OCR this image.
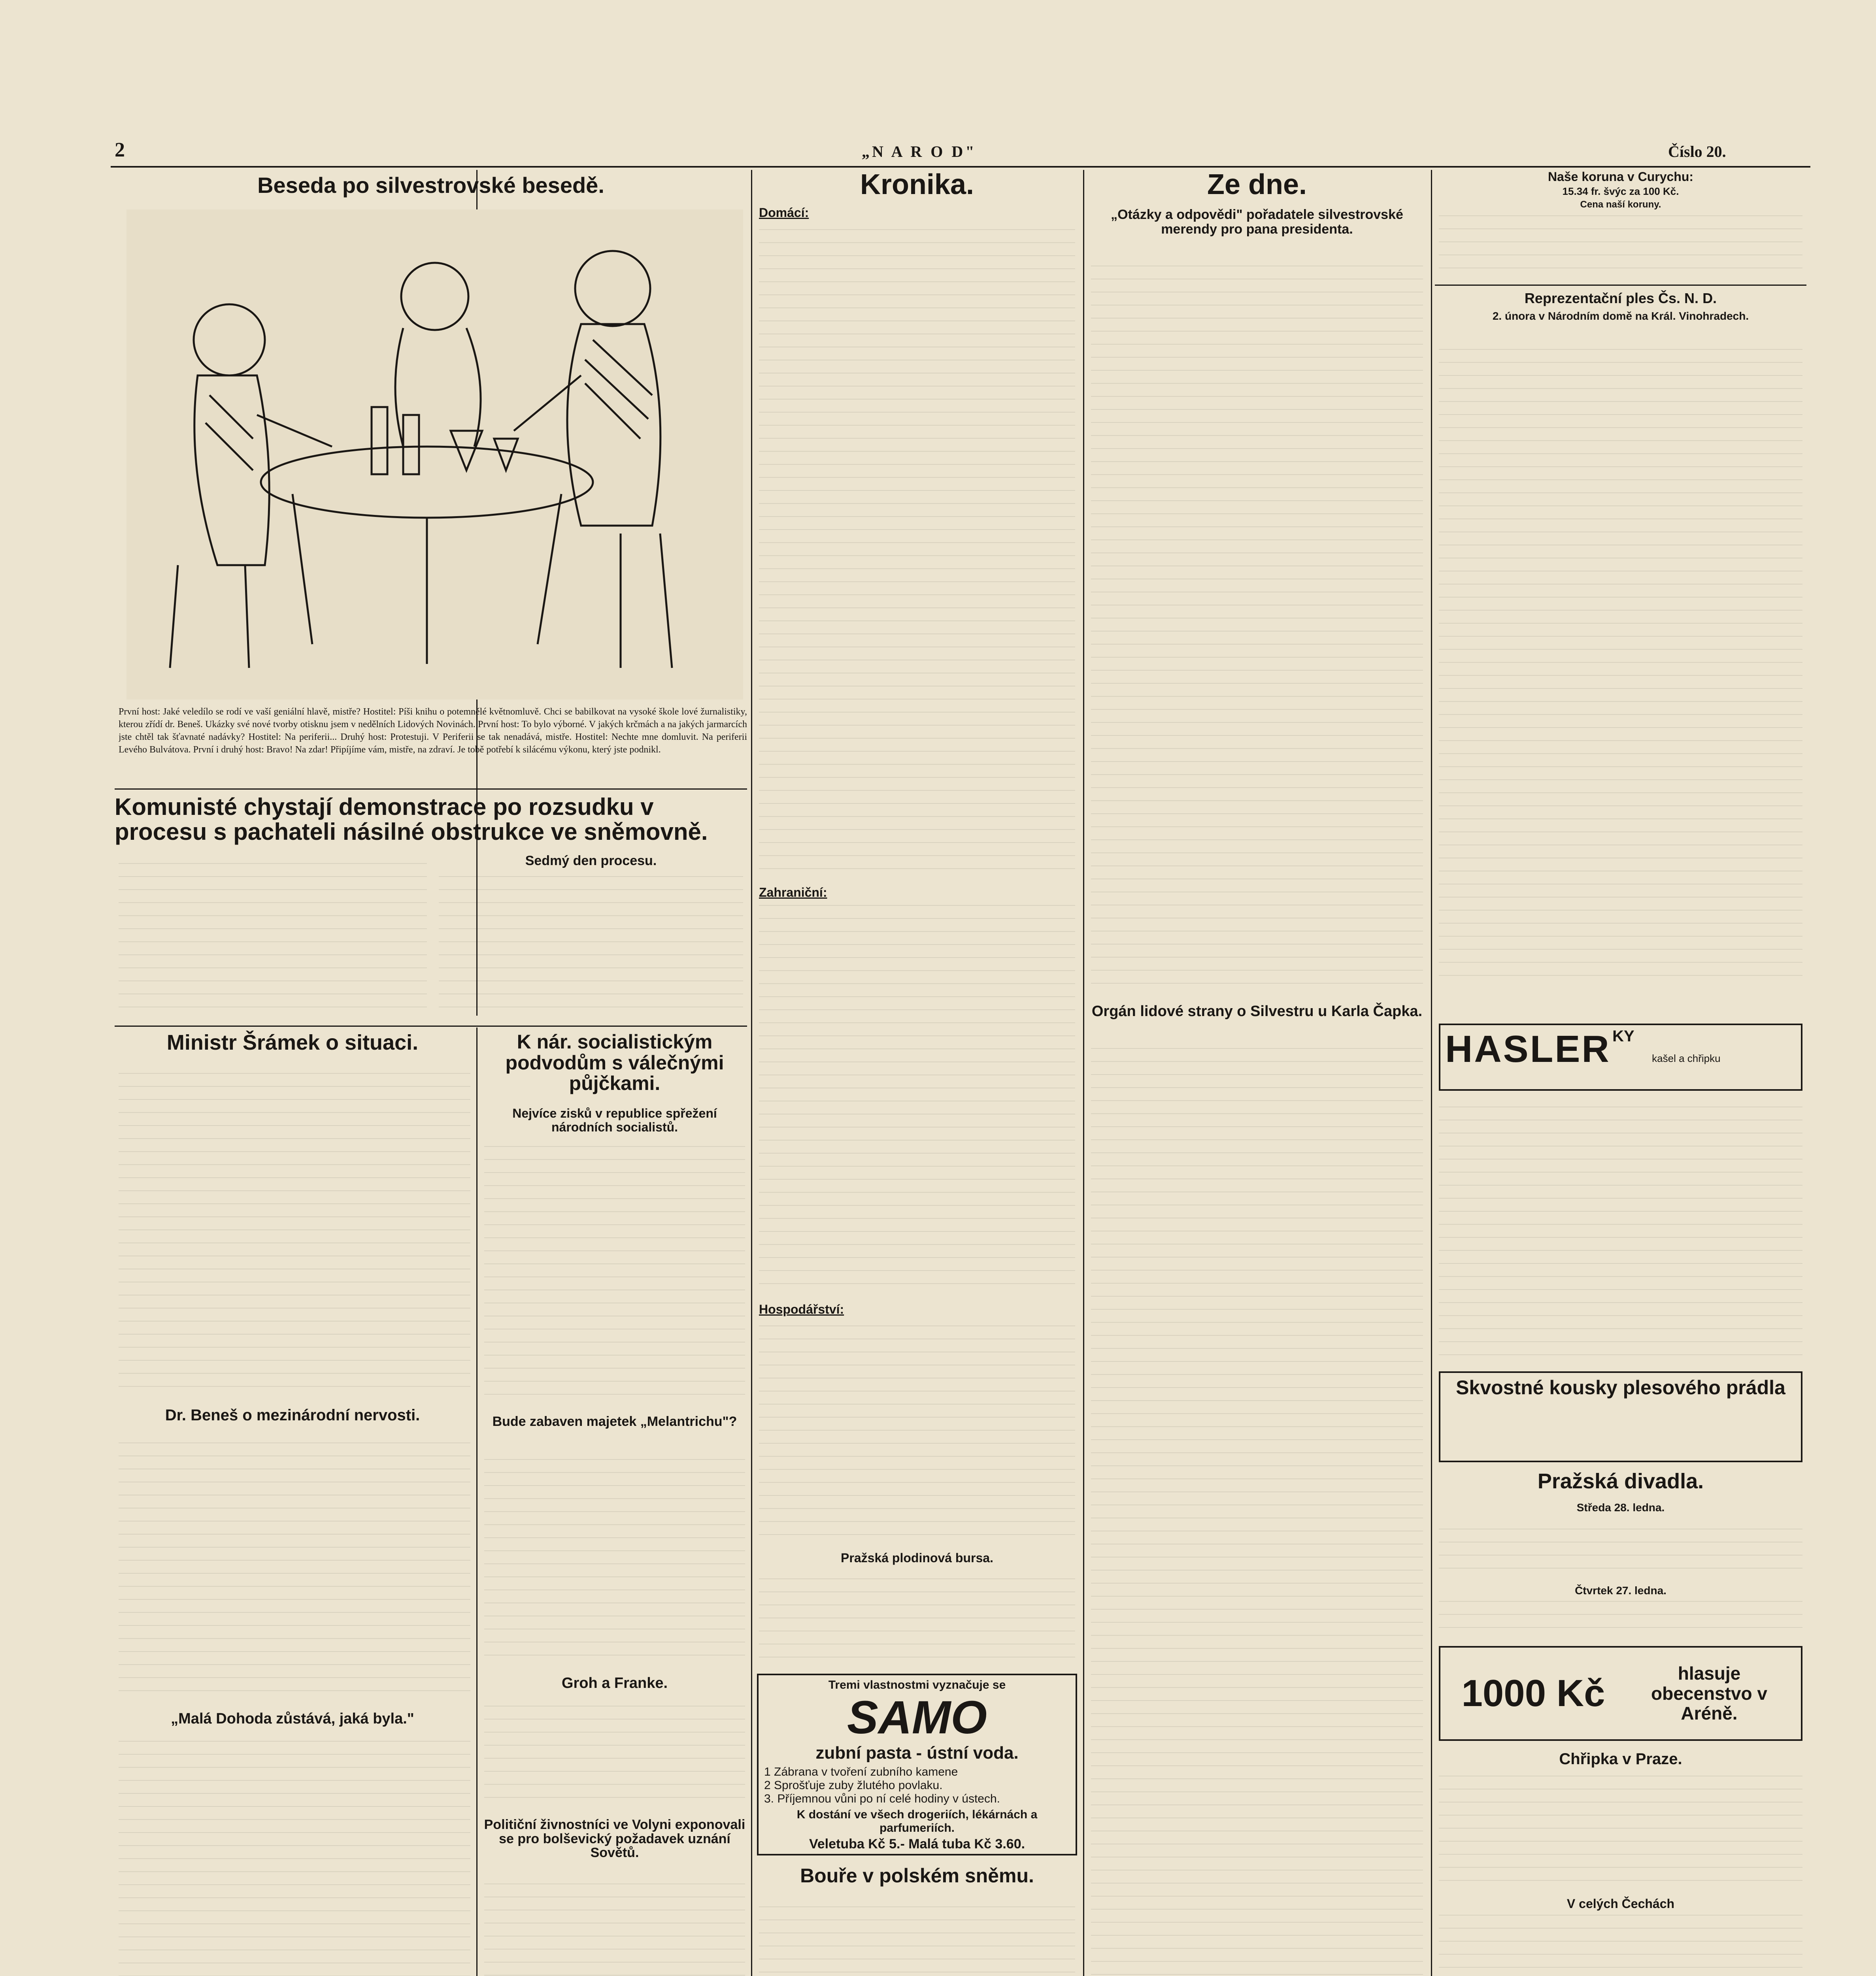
2	„N A R O D"	Číslo 20.
Beseda po silvestrovské besedě.
První host: Jaké veledílo se rodí ve vaší geniální hlavě, mistře? Hostitel: Píši knihu o potemnělé květnomluvě. Chci se babilkovat na vysoké škole lové žurnalistiky, kterou zřídí dr. Beneš. Ukázky své nové tvorby otisknu jsem v nedělních Lidových Novinách. První host: To bylo výborné. V jakých krčmách a na jakých jarmarcích jste chtěl tak šťavnaté nadávky? Hostitel: Na periferii... Druhý host: Protestuji. V Periferii se tak nenadává, mistře. Hostitel: Nechte mne domluvit. Na periferii Levého Bulvátova. První i druhý host: Bravo! Na zdar! Připíjíme vám, mistře, na zdraví. Je tobě potřebí k silácému výkonu, který jste podnikl.
Komunisté chystají demonstrace po rozsudku v procesu s pachateli násilné obstrukce ve sněmovně.
Sedmý den procesu.
Ministr Šrámek o situaci.
Dr. Beneš o mezinárodní nervosti.
„Malá Dohoda zůstává, jaká byla."
K nár. socialistickým podvodům s válečnými půjčkami.
Nejvíce zisků v republice spřežení národních socialistů.
Bude zabaven majetek „Melantrichu"?
Groh a Franke.
Političní živnostníci ve Volyni exponovali se pro bolševický požadavek uznání Sovětů.
Kronika.
Domácí:
Zahraniční:
Hospodářství:
Pražská plodinová bursa.
Tremi vlastnostmi vyznačuje se
SAMO
zubní pasta - ústní voda.
1 Zábrana v tvoření zubního kamene
2 Sprošťuje zuby žlutého povlaku.
3. Příjemnou vůni po ní celé hodiny v ústech.
K dostání ve všech drogeriích, lékárnách a parfumeriích.
Veletuba Kč 5.- Malá tuba Kč 3.60.
Bouře v polském sněmu.
Ze dne.
„Otázky a odpovědi" pořadatele silvestrovské merendy pro pana presidenta.
Orgán lidové strany o Silvestru u Karla Čapka.
Naše koruna v Curychu:
15.34 fr. švýc za 100 Kč.
Cena naší koruny.
Reprezentační ples Čs. N. D.
2. února v Národním domě na Král. Vinohradech.
HASLER KY kašel a chřipku
Skvostné kousky plesového prádla
Pražská divadla.
Středa 28. ledna.
Čtvrtek 27. ledna.
1000 Kč	hlasuje obecenstvo v Aréně.
Chřipka v Praze.
V celých Čechách
